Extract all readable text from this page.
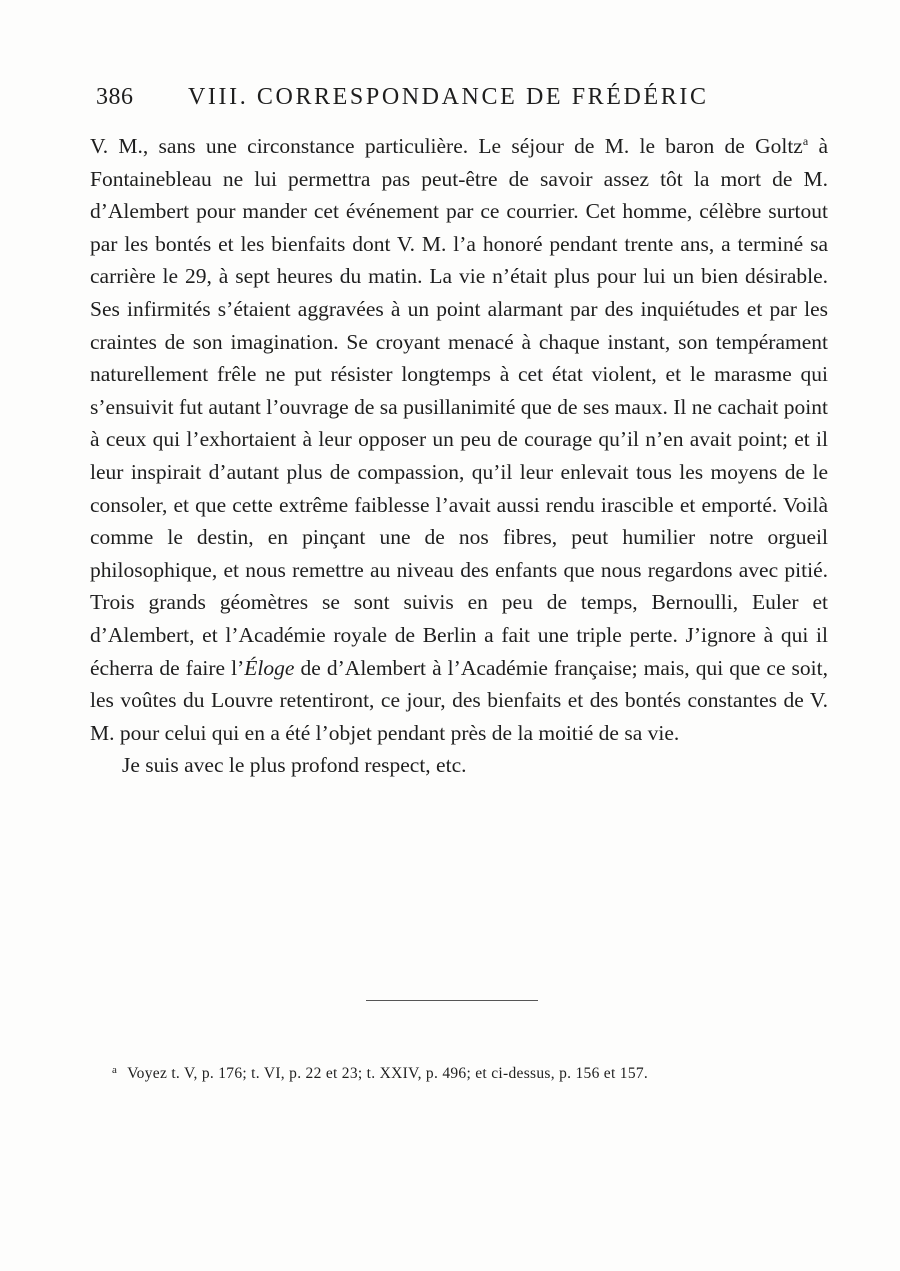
386 VIII. CORRESPONDANCE DE FRÉDÉRIC

V. M., sans une circonstance particulière. Le séjour de M. le baron de Goltz$^a$ à Fontainebleau ne lui permettra pas peut-être de savoir assez tôt la mort de M. d’Alembert pour mander cet événement par ce courrier. Cet homme, célèbre surtout par les bontés et les bienfaits dont V. M. l’a honoré pendant trente ans, a terminé sa carrière le 29, à sept heures du matin. La vie n’était plus pour lui un bien désirable. Ses infirmités s’étaient aggravées à un point alarmant par des inquiétudes et par les craintes de son imagination. Se croyant menacé à chaque instant, son tempérament naturellement frêle ne put résister longtemps à cet état violent, et le marasme qui s’ensuivit fut autant l’ouvrage de sa pusillanimité que de ses maux. Il ne cachait point à ceux qui l’exhortaient à leur opposer un peu de courage qu’il n’en avait point; et il leur inspirait d’autant plus de compassion, qu’il leur enlevait tous les moyens de le consoler, et que cette extrême faiblesse l’avait aussi rendu irascible et emporté. Voilà comme le destin, en pinçant une de nos fibres, peut humilier notre orgueil philosophique, et nous remettre au niveau des enfants que nous regardons avec pitié. Trois grands géomètres se sont suivis en peu de temps, Bernoulli, Euler et d’Alembert, et l’Académie royale de Berlin a fait une triple perte. J’ignore à qui il écherra de faire l’Éloge de d’Alembert à l’Académie française; mais, qui que ce soit, les voûtes du Louvre retentiront, ce jour, des bienfaits et des bontés constantes de V. M. pour celui qui en a été l’objet pendant près de la moitié de sa vie.

Je suis avec le plus profond respect, etc.

a Voyez t. V, p. 176; t. VI, p. 22 et 23; t. XXIV, p. 496; et ci-dessus, p. 156 et 157.
